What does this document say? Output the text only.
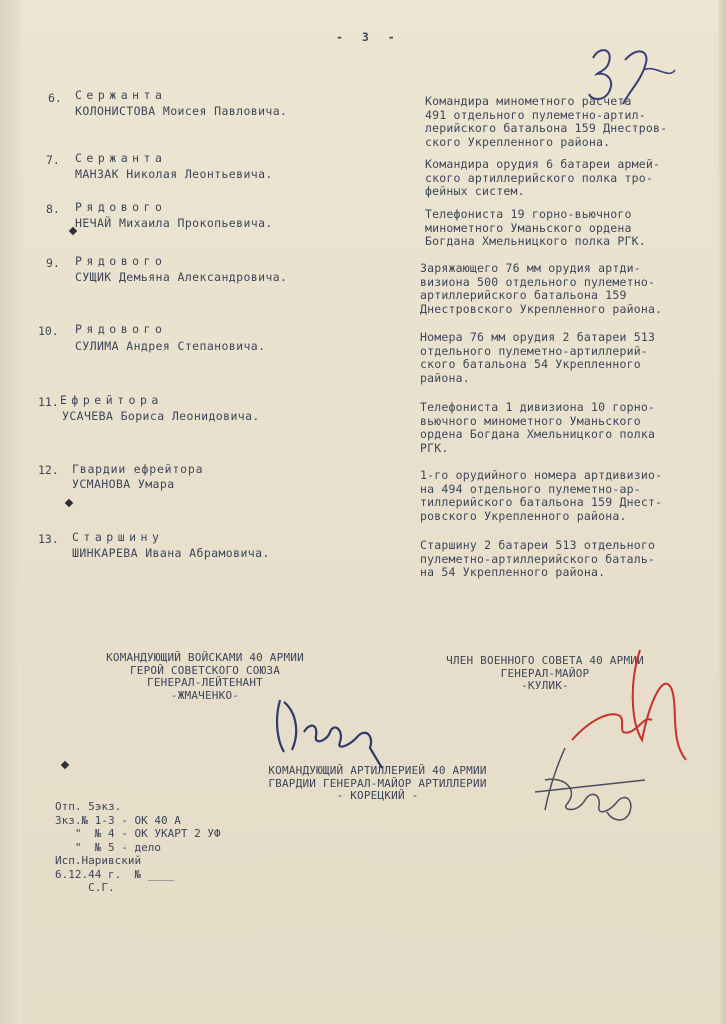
- 3 -
6. Сержанта
КОЛОНИСТОВА Моисея Павловича.
Командира минометного расчета
491 отдельного пулеметно-артил-
лерийского батальона 159 Днестров-
ского Укрепленного района.
7. Сержанта
МАНЗАК Николая Леонтьевича.
Командира орудия 6 батареи армей-
ского артиллерийского полка тро-
фейных систем.
8. Рядового
НЕЧАЙ Михаила Прокопьевича.
Телефониста 19 горно-вьючного
минометного Уманьского ордена
Богдана Хмельницкого полка РГК.
9. Рядового
СУЩИК Демьяна Александровича.
Заряжающего 76 мм орудия артди-
визиона 500 отдельного пулеметно-
артиллерийского батальона 159
Днестровского Укрепленного района.
10. Рядового
СУЛИМА Андрея Степановича.
Номера 76 мм орудия 2 батареи 513
отдельного пулеметно-артиллерий-
ского батальона 54 Укрепленного
района.
11. Ефрейтора
УСАЧЕВА Бориса Леонидовича.
Телефониста 1 дивизиона 10 горно-
вьючного минометного Уманьского
ордена Богдана Хмельницкого полка
РГК.
12. Гвардии ефрейтора
УСМАНОВА Умара
1-го орудийного номера артдивизио-
на 494 отдельного пулеметно-ар-
тиллерийского батальона 159 Днест-
ровского Укрепленного района.
13. Старшину
ШИНКАРЕВА Ивана Абрамовича.
Старшину 2 батареи 513 отдельного
пулеметно-артиллерийского баталь-
на 54 Укрепленного района.
КОМАНДУЮЩИЙ ВОЙСКАМИ 40 АРМИИ
ГЕРОЙ СОВЕТСКОГО СОЮЗА
ГЕНЕРАЛ-ЛЕЙТЕНАНТ
-ЖМАЧЕНКО-
ЧЛЕН ВОЕННОГО СОВЕТА 40 АРМИИ
ГЕНЕРАЛ-МАЙОР
-КУЛИК-
КОМАНДУЮЩИЙ АРТИЛЛЕРИЕЙ 40 АРМИИ
ГВАРДИИ ГЕНЕРАЛ-МАЙОР АРТИЛЛЕРИИ
- КОРЕЦКИЙ -
Отп. 5экз.
3кз.№ 1-3 - ОК 40 А
"  № 4 - ОК УКАРТ 2 УФ
"  № 5 - дело
Исп.Наривский
6.12.44 г.  № ____
С.Г.
